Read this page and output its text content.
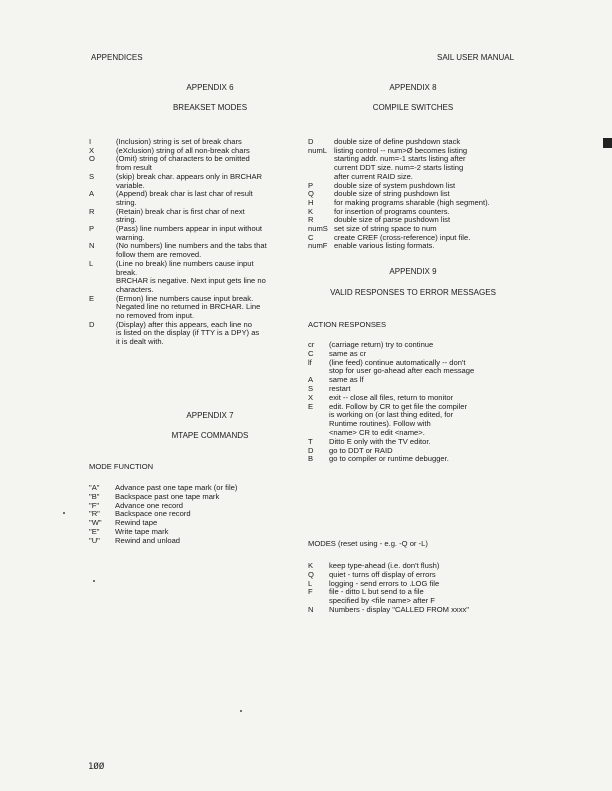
APPENDICES	SAIL USER MANUAL
APPENDIX 6
BREAKSET MODES
I	(Inclusion) string is set of break chars
X	(eXclusion) string of all non-break chars
O	(Omit) string of characters to be omitted
from result
S	(skip) break char. appears only in BRCHAR
variable.
A	(Append) break char is last char of result
string.
R	(Retain) break char is first char of next
string.
P	(Pass) line numbers appear in input without
warning.
N	(No numbers) line numbers and the tabs that
follow them are removed.
L	(Line no break) line numbers cause input
break.
BRCHAR is negative. Next input gets line no
characters.
E	(Ermon) line numbers cause input break.
Negated line no returned in BRCHAR. Line
no removed from input.
D	(Display) after this appears, each line no
is listed on the display (if TTY is a DPY) as
it is dealt with.
APPENDIX 7
MTAPE COMMANDS
MODE FUNCTION
"A"	Advance past one tape mark (or file)
"B"	Backspace past one tape mark
"F"	Advance one record
"R"	Backspace one record
"W"	Rewind tape
"E"	Write tape mark
"U"	Rewind and unload
APPENDIX 8
COMPILE SWITCHES
D	double size of define pushdown stack
numL listing control -- num>Ø becomes listing
starting addr. num=-1 starts listing after
current DDT size. num=-2 starts listing
after current RAID size.
P	double size of system pushdown list
Q	double size of string pushdown list
H	for making programs sharable (high segment).
K	for insertion of programs counters.
R	double size of parse pushdown list
numS set size of string space to num
C	create CREF (cross-reference) input file.
numF enable various listing formats.
APPENDIX 9
VALID RESPONSES TO ERROR MESSAGES
ACTION RESPONSES
cr	(carriage return) try to continue
C	same as cr
lf	(line feed) continue automatically -- don't
stop for user go-ahead after each message
A	same as lf
S	restart
X	exit -- close all files, return to monitor
E	edit. Follow by CR to get file the compiler
is working on (or last thing edited, for
Runtime routines). Follow with
<name> CR to edit <name>.
T	Ditto E only with the TV editor.
D	go to DDT or RAID
B	go to compiler or runtime debugger.
MODES (reset using - e.g. -Q or -L)
K	keep type-ahead (i.e. don't flush)
Q	quiet - turns off display of errors
L	logging - send errors to .LOG file
F	file - ditto L but send to a file
specified by <file name> after F
N	Numbers - display "CALLED FROM xxxx"
1ØØ
